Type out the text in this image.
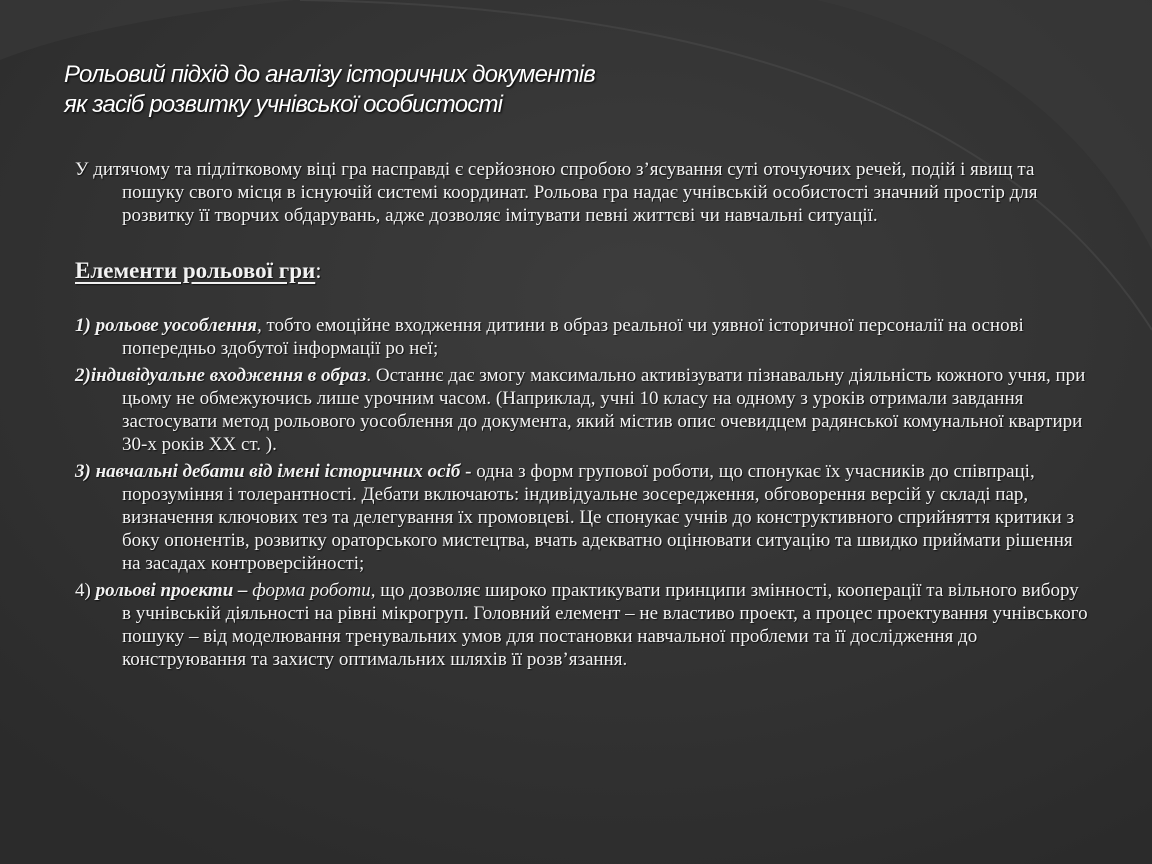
Рольовий підхід до аналізу історичних документів
як засіб розвитку учнівської особистості

У дитячому та підлітковому віці гра насправді є серйозною спробою з’ясування суті оточуючих речей, подій і явищ та пошуку свого місця в існуючій системі координат. Рольова гра надає учнівській особистості значний простір для розвитку її творчих обдарувань, адже дозволяє імітувати певні життєві чи навчальні ситуації.

Елементи рольової гри:

1) рольове уособлення, тобто емоційне входження дитини в образ реальної чи уявної історичної персоналії на основі попередньо здобутої інформації ро неї;

2)індивідуальне входження в образ. Останнє дає змогу максимально активізувати пізнавальну діяльність кожного учня, при цьому не обмежуючись лише урочним часом. (Наприклад, учні 10 класу на одному з уроків отримали завдання застосувати метод рольового уособлення до документа, який містив опис очевидцем радянської комунальної квартири 30-х років ХХ ст. ).

3) навчальні дебати від імені історичних осіб - одна з форм групової роботи, що спонукає їх учасників до співпраці, порозуміння і толерантності. Дебати включають: індивідуальне зосередження, обговорення версій у складі пар, визначення ключових тез та делегування їх промовцеві. Це спонукає учнів до конструктивного сприйняття критики з боку опонентів, розвитку ораторського мистецтва, вчать адекватно оцінювати ситуацію та швидко приймати рішення на засадах контроверсійності;

4) рольові проекти – форма роботи, що дозволяє широко практикувати принципи змінності, кооперації та вільного вибору в учнівській діяльності на рівні мікрогруп. Головний елемент – не властиво проект, а процес проектування учнівського пошуку – від моделювання тренувальних умов для постановки навчальної проблеми та її дослідження до конструювання та захисту оптимальних шляхів її розв’язання.
